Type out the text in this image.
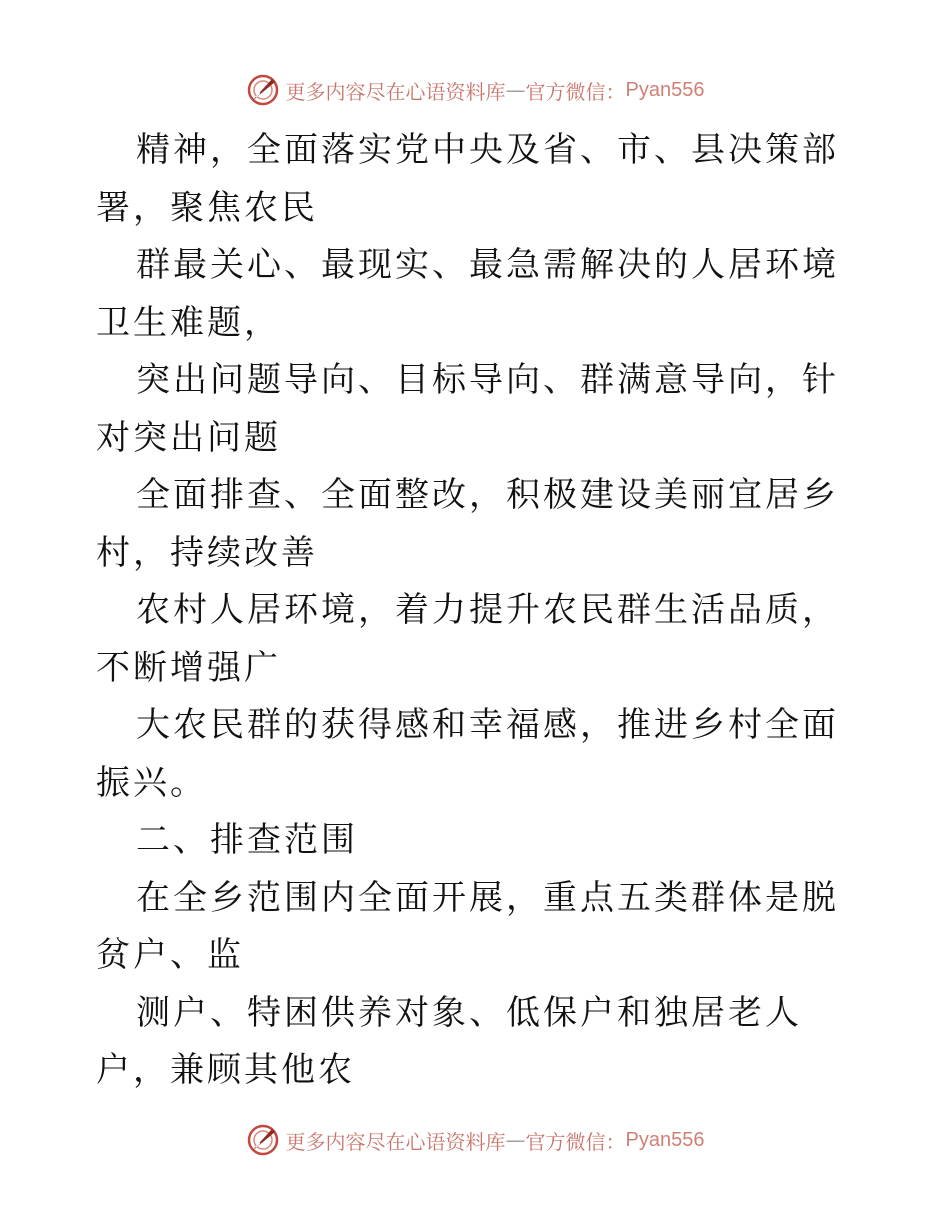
更多内容尽在心语资料库 — 官方微信： Pyan556

精神，全面落实党中央及省、市、县决策部署，聚焦农民

群最关心、最现实、最急需解决的人居环境卫生难题，

突出问题导向、目标导向、群满意导向，针对突出问题

全面排查、全面整改，积极建设美丽宜居乡村，持续改善

农村人居环境，着力提升农民群生活品质，不断增强广

大农民群的获得感和幸福感，推进乡村全面振兴。

二、排查范围

在全乡范围内全面开展，重点五类群体是脱贫户、监

测户、特困供养对象、低保户和独居老人户，兼顾其他农

更多内容尽在心语资料库 — 官方微信： Pyan556
